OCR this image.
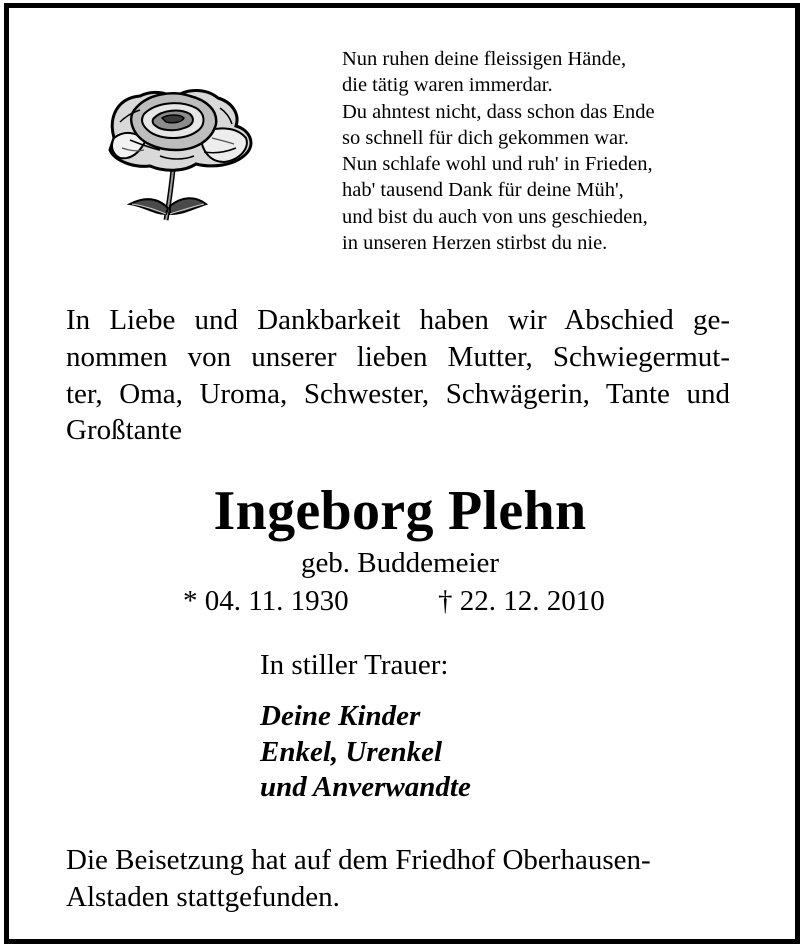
Nun ruhen deine fleissigen Hände,
die tätig waren immerdar.
Du ahntest nicht, dass schon das Ende
so schnell für dich gekommen war.
Nun schlafe wohl und ruh' in Frieden,
hab' tausend Dank für deine Müh',
und bist du auch von uns geschieden,
in unseren Herzen stirbst du nie.
In Liebe und Dankbarkeit haben wir Abschied ge-
nommen von unserer lieben Mutter, Schwiegermut-
ter, Oma, Uroma, Schwester, Schwägerin, Tante und
Großtante
Ingeborg Plehn
geb. Buddemeier
* 04. 11. 1930	† 22. 12. 2010
In stiller Trauer:
Deine Kinder
Enkel, Urenkel
und Anverwandte
Die Beisetzung hat auf dem Friedhof Oberhausen-
Alstaden stattgefunden.
